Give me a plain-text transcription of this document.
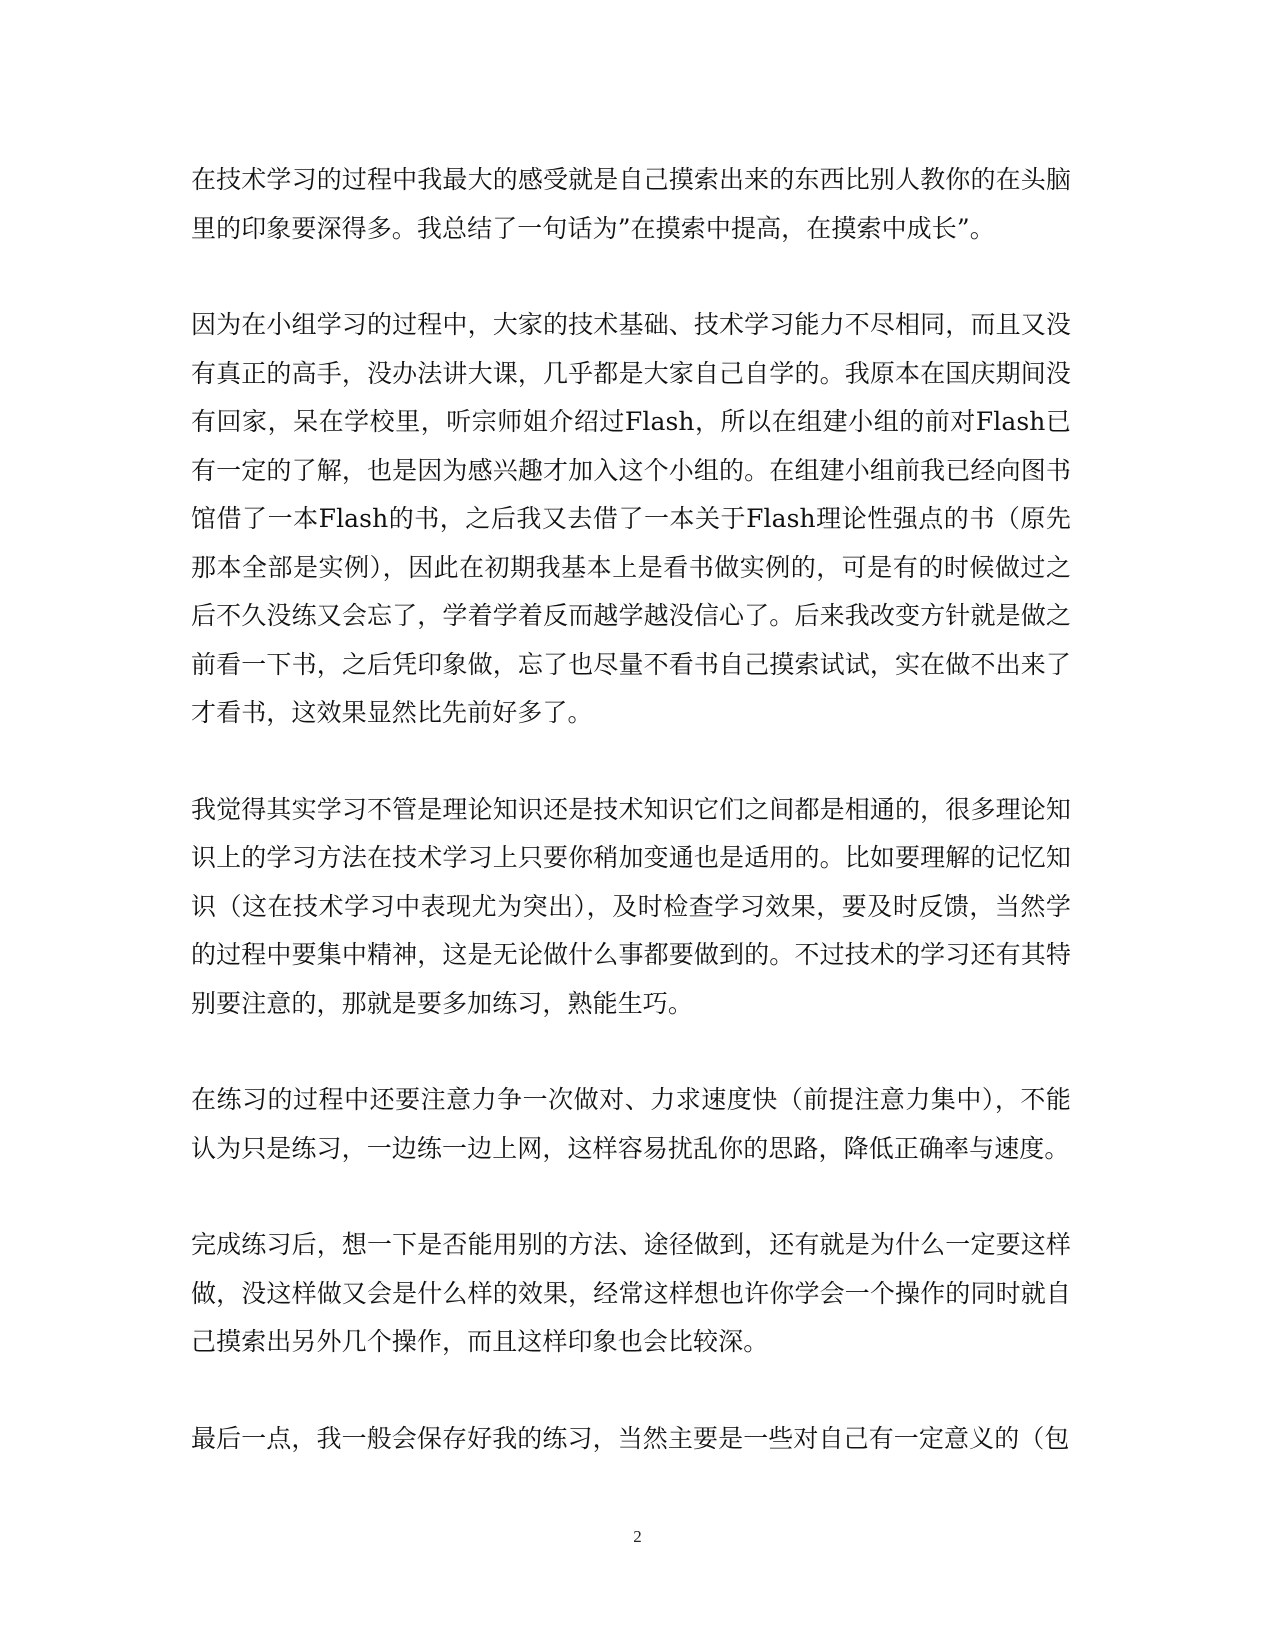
在技术学习的过程中我最大的感受就是自己摸索出来的东西比别人教你的在头脑里的印象要深得多。我总结了一句话为”在摸索中提高，在摸索中成长”。

因为在小组学习的过程中，大家的技术基础、技术学习能力不尽相同，而且又没有真正的高手，没办法讲大课，几乎都是大家自己自学的。我原本在国庆期间没有回家，呆在学校里，听宗师姐介绍过Flash，所以在组建小组的前对Flash已有一定的了解，也是因为感兴趣才加入这个小组的。在组建小组前我已经向图书馆借了一本Flash的书，之后我又去借了一本关于Flash理论性强点的书（原先那本全部是实例），因此在初期我基本上是看书做实例的，可是有的时候做过之后不久没练又会忘了，学着学着反而越学越没信心了。后来我改变方针就是做之前看一下书，之后凭印象做，忘了也尽量不看书自己摸索试试，实在做不出来了才看书，这效果显然比先前好多了。

我觉得其实学习不管是理论知识还是技术知识它们之间都是相通的，很多理论知识上的学习方法在技术学习上只要你稍加变通也是适用的。比如要理解的记忆知识（这在技术学习中表现尤为突出），及时检查学习效果，要及时反馈，当然学的过程中要集中精神，这是无论做什么事都要做到的。不过技术的学习还有其特别要注意的，那就是要多加练习，熟能生巧。

在练习的过程中还要注意力争一次做对、力求速度快（前提注意力集中），不能认为只是练习，一边练一边上网，这样容易扰乱你的思路，降低正确率与速度。

完成练习后，想一下是否能用别的方法、途径做到，还有就是为什么一定要这样做，没这样做又会是什么样的效果，经常这样想也许你学会一个操作的同时就自己摸索出另外几个操作，而且这样印象也会比较深。

最后一点，我一般会保存好我的练习，当然主要是一些对自己有一定意义的（包

2
